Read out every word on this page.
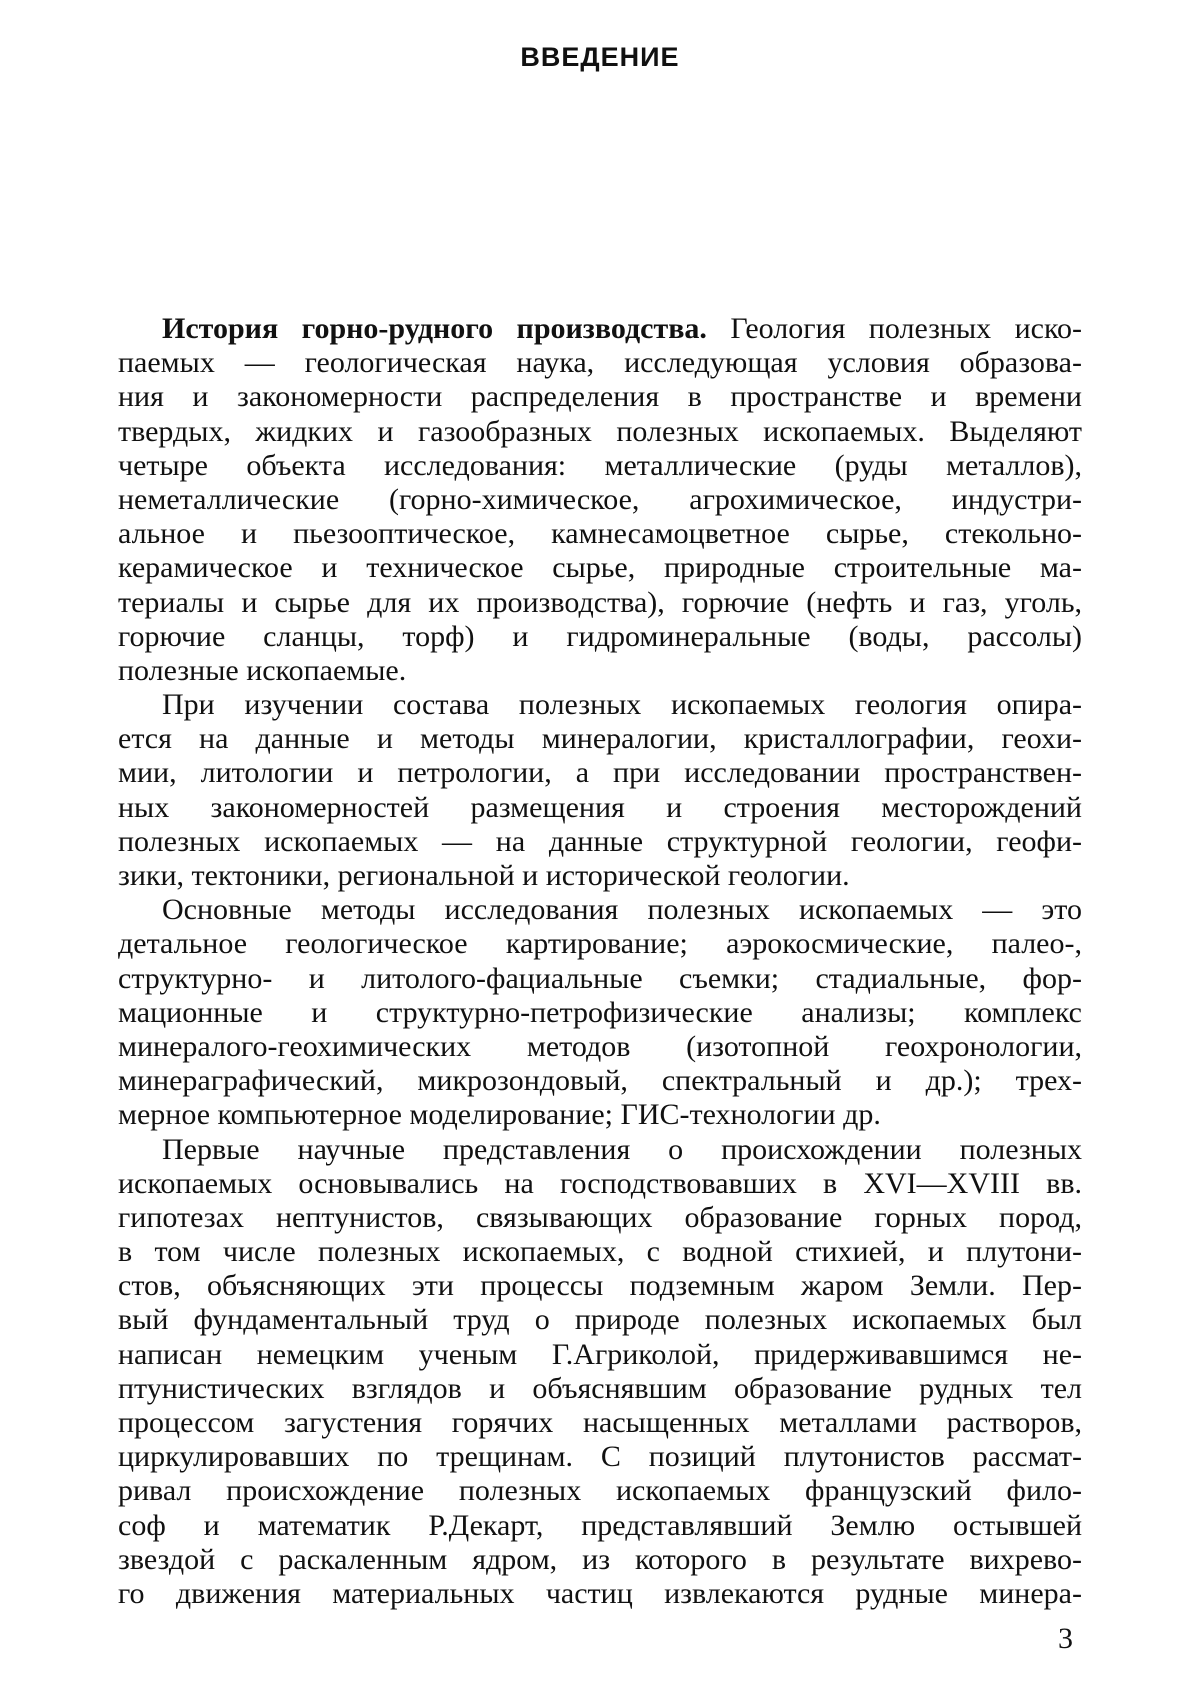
ВВЕДЕНИЕ
История горно-рудного производства. Геология полезных иско-
паемых — геологическая наука, исследующая условия образова-
ния и закономерности распределения в пространстве и времени
твердых, жидких и газообразных полезных ископаемых. Выделяют
четыре объекта исследования: металлические (руды металлов),
неметаллические (горно-химическое, агрохимическое, индустри-
альное и пьезооптическое, камнесамоцветное сырье, стекольно-
керамическое и техническое сырье, природные строительные ма-
териалы и сырье для их производства), горючие (нефть и газ, уголь,
горючие сланцы, торф) и гидроминеральные (воды, рассолы)
полезные ископаемые.
При изучении состава полезных ископаемых геология опира-
ется на данные и методы минералогии, кристаллографии, геохи-
мии, литологии и петрологии, а при исследовании пространствен-
ных закономерностей размещения и строения месторождений
полезных ископаемых — на данные структурной геологии, геофи-
зики, тектоники, региональной и исторической геологии.
Основные методы исследования полезных ископаемых — это
детальное геологическое картирование; аэрокосмические, палео-,
структурно- и литолого-фациальные съемки; стадиальные, фор-
мационные и структурно-петрофизические анализы; комплекс
минералого-геохимических методов (изотопной геохронологии,
минераграфический, микрозондовый, спектральный и др.); трех-
мерное компьютерное моделирование; ГИС-технологии др.
Первые научные представления о происхождении полезных
ископаемых основывались на господствовавших в XVI—XVIII вв.
гипотезах нептунистов, связывающих образование горных пород,
в том числе полезных ископаемых, с водной стихией, и плутони-
стов, объясняющих эти процессы подземным жаром Земли. Пер-
вый фундаментальный труд о природе полезных ископаемых был
написан немецким ученым Г.Агриколой, придерживавшимся не-
птунистических взглядов и объяснявшим образование рудных тел
процессом загустения горячих насыщенных металлами растворов,
циркулировавших по трещинам. С позиций плутонистов рассмат-
ривал происхождение полезных ископаемых французский фило-
соф и математик Р.Декарт, представлявший Землю остывшей
звездой с раскаленным ядром, из которого в результате вихрево-
го движения материальных частиц извлекаются рудные минера-
3
